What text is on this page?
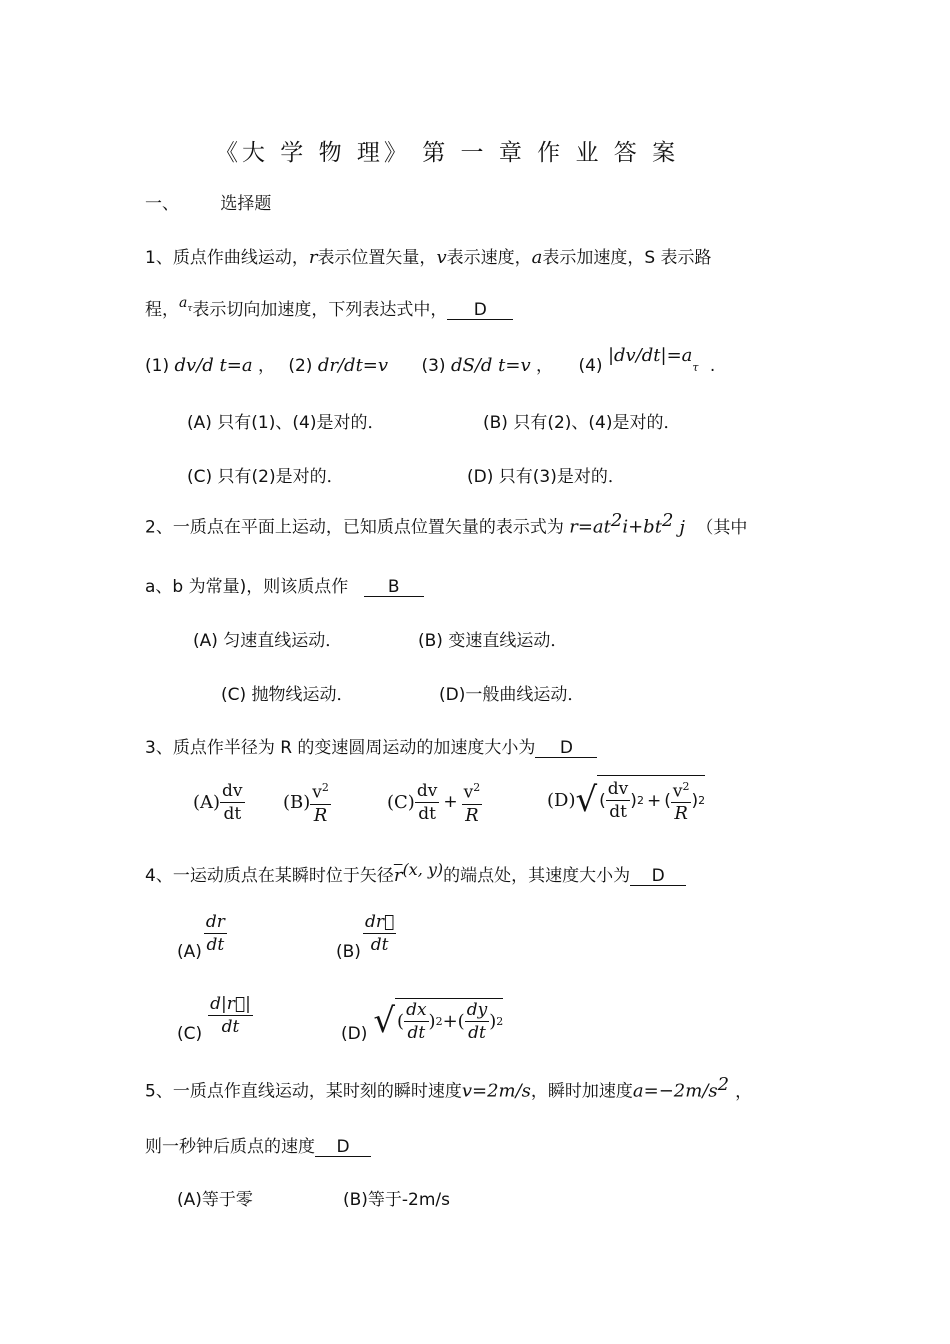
《大 学 物 理》 第 一 章 作 业 答 案
一、 选择题
1、质点作曲线运动，r表示位置矢量，v表示速度，a表示加速度，S 表示路
程，$^{a\tau}$表示切向加速度，下列表达式中， D
(1) dv/d t=a ， (2) dr/dt=v (3) dS/d t=v ， (4) |dv/dt|=aτ .
(A) 只有(1)、(4)是对的．	(B) 只有(2)、(4)是对的．
(C) 只有(2)是对的．	(D) 只有(3)是对的．
2、一质点在平面上运动，已知质点位置矢量的表示式为 $r=at^2i+bt^2$ j （其中
a、b 为常量)，则该质点作 B
(A) 匀速直线运动．	(B) 变速直线运动．
(C) 抛物线运动．	(D)一般曲线运动．
3、质点作半径为 R 的变速圆周运动的加速度大小为 D
$(A) \frac{dv}{dt} (B) \frac{v^2}{R}$	$(C) \frac{dv}{dt} + \frac{v^2}{R}$	(D) √ ( $\frac{dv}{dt}$ ) 2 + ( $\frac{v^2}{R}$ ) 2
4、一运动质点在某瞬时位于矢径$\overline{r}(x$, y)的端点处，其速度大小为 D
$(A) \frac{dr}{dt}$	$(B) \frac{dr⃗}{dt}$
$(C) \frac{d|r⃗|}{dt}$	(D) √ ( $\frac{dx}{dt}$ ) 2 + ( $\frac{dy}{dt}$ ) 2
5、一质点作直线运动，某时刻的瞬时速度v=2m/s，瞬时加速度$a=-2m/s^2$ ，
则一秒钟后质点的速度 D
(A)等于零	(B)等于-2m/s
